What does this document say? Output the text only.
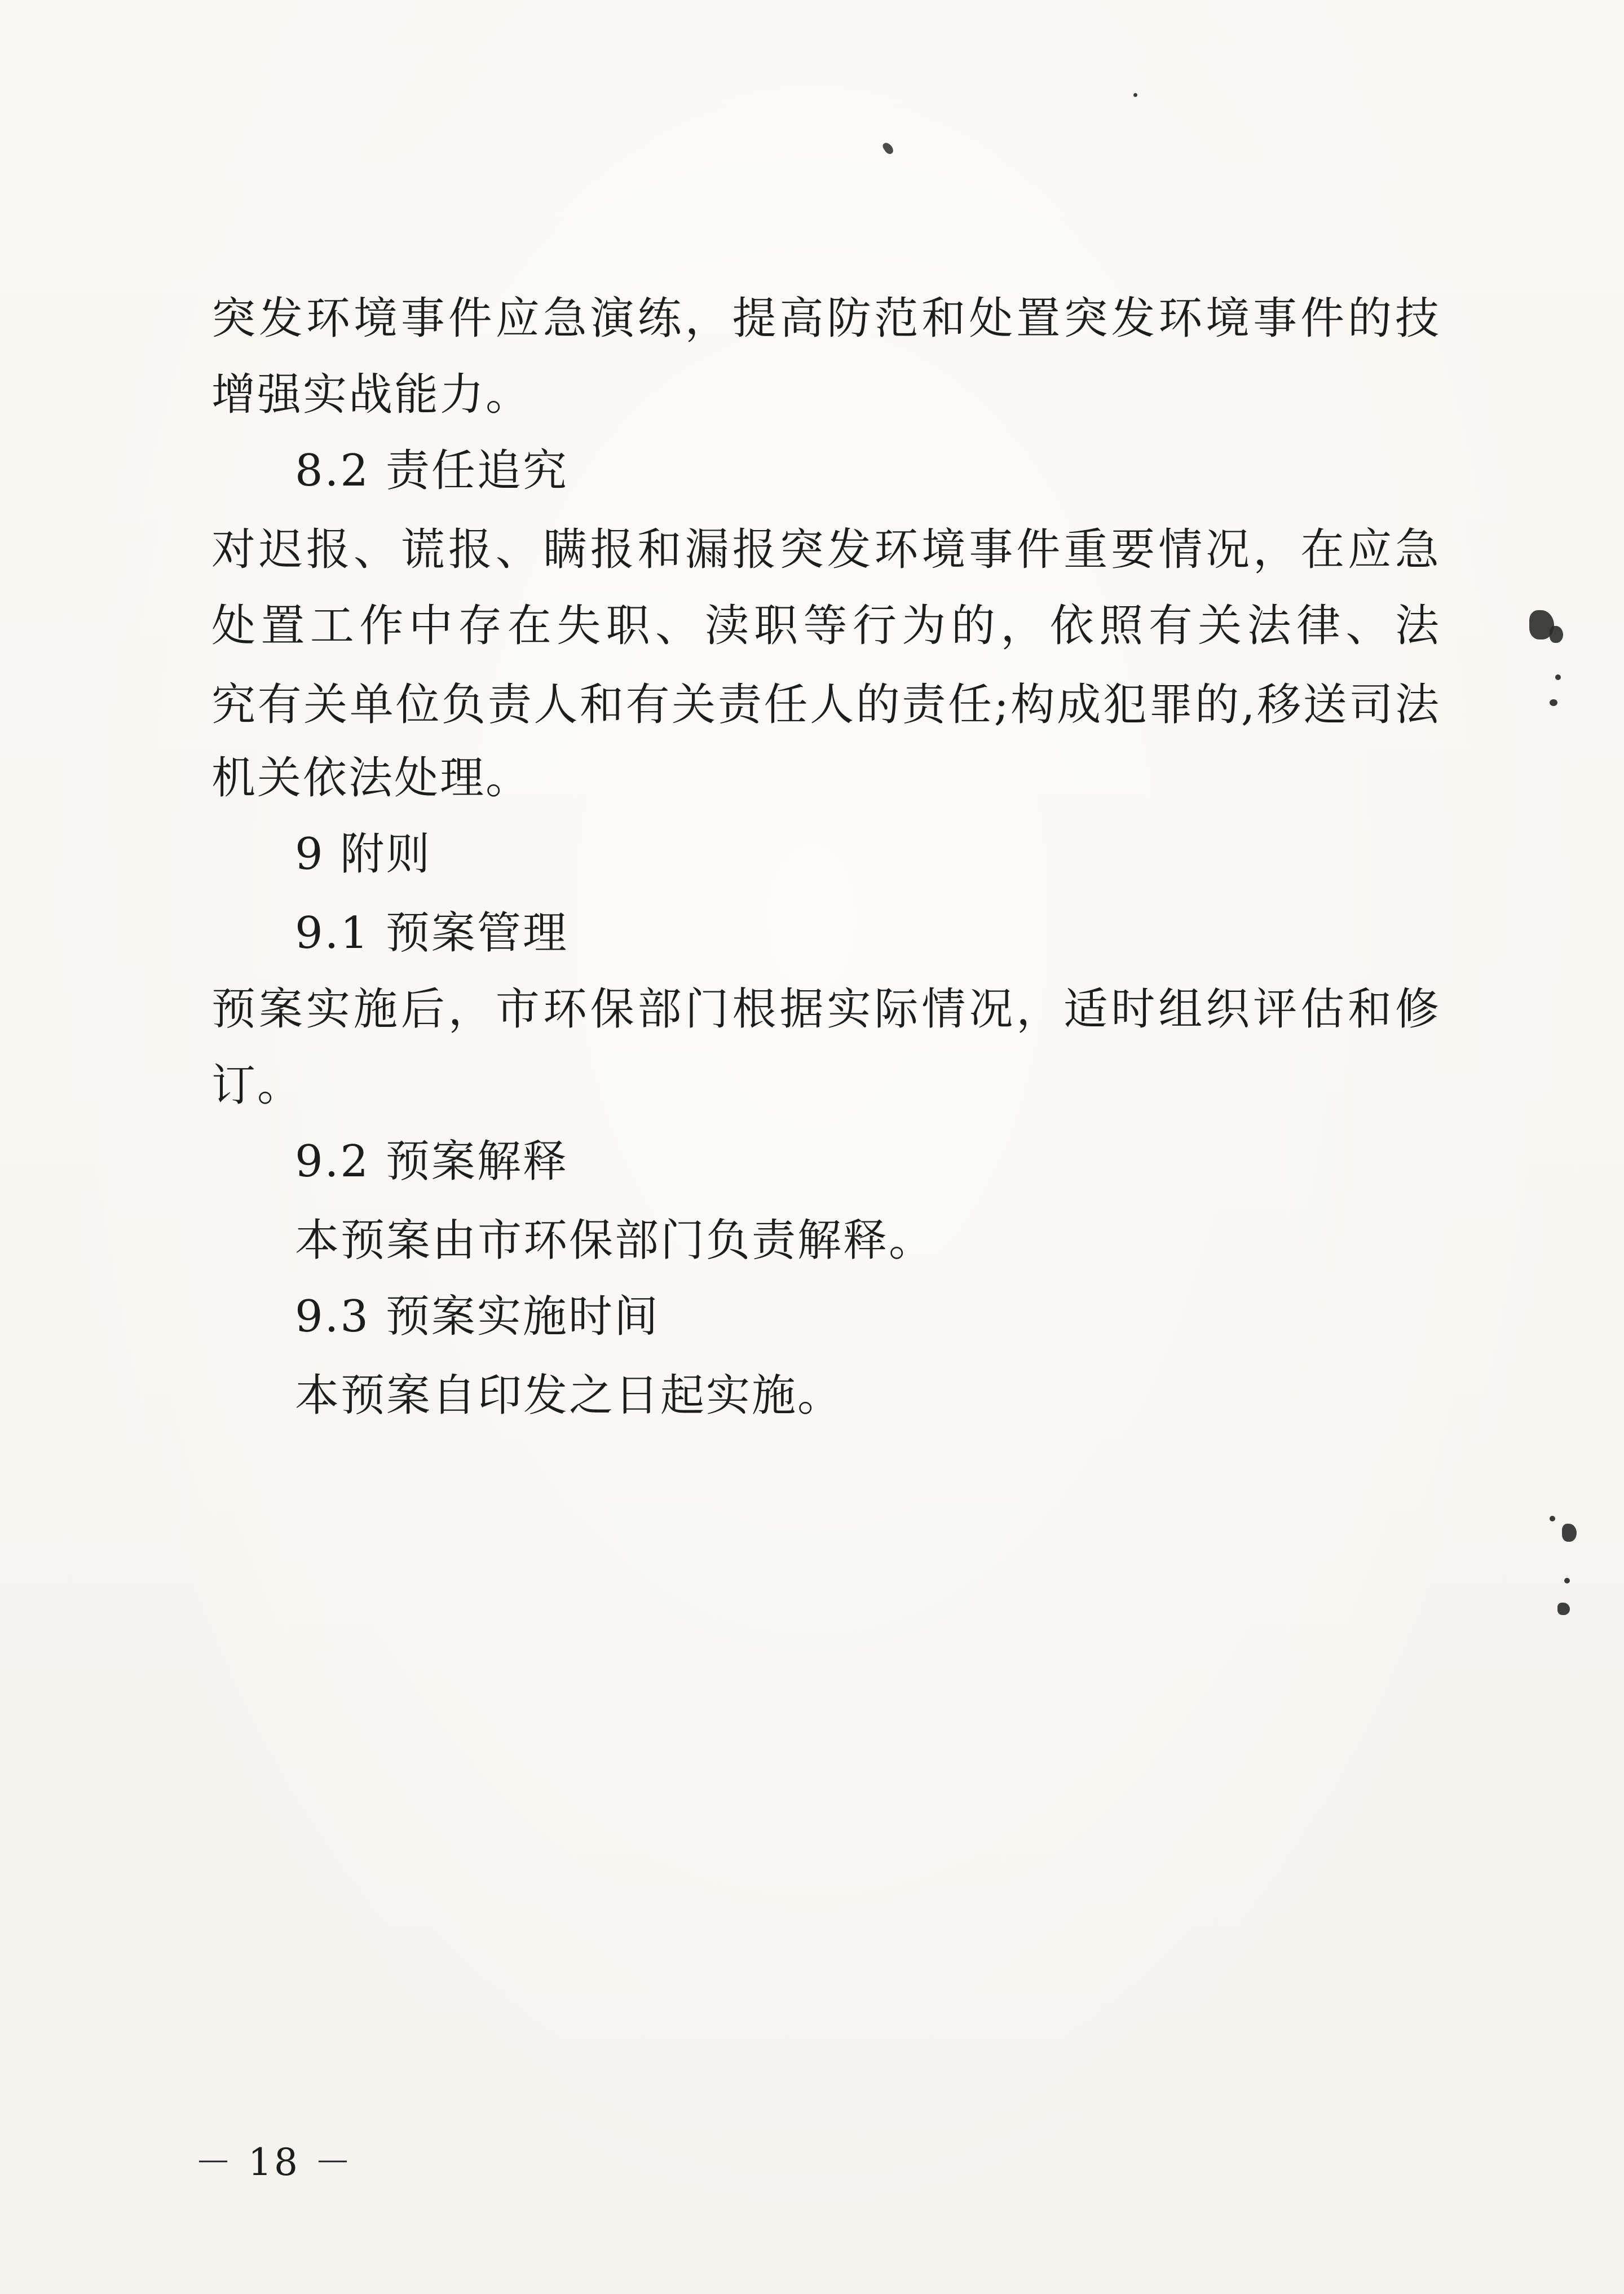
突发环境事件应急演练，提高防范和处置突发环境事件的技
增强实战能力。
8.2 责任追究
对迟报、谎报、瞒报和漏报突发环境事件重要情况，在应急
处置工作中存在失职、渎职等行为的，依照有关法律、法
究有关单位负责人和有关责任人的责任;构成犯罪的,移送司法
机关依法处理。
9 附则
9.1 预案管理
预案实施后，市环保部门根据实际情况，适时组织评估和修
订。
9.2 预案解释
本预案由市环保部门负责解释。
9.3 预案实施时间
本预案自印发之日起实施。
－ 18 －
